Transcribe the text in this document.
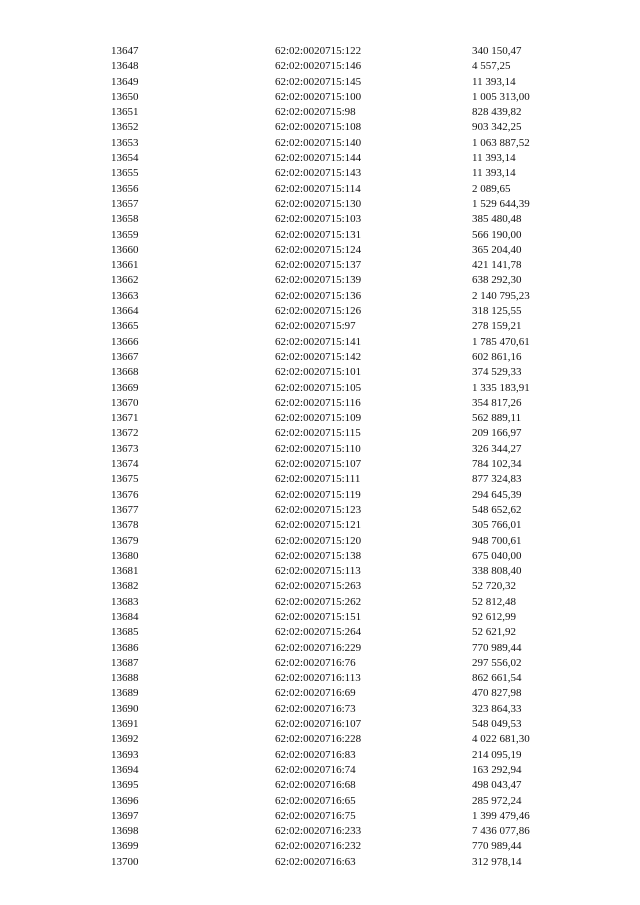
13647	62:02:0020715:122	340 150,47
13648	62:02:0020715:146	4 557,25
13649	62:02:0020715:145	11 393,14
13650	62:02:0020715:100	1 005 313,00
13651	62:02:0020715:98	828 439,82
13652	62:02:0020715:108	903 342,25
13653	62:02:0020715:140	1 063 887,52
13654	62:02:0020715:144	11 393,14
13655	62:02:0020715:143	11 393,14
13656	62:02:0020715:114	2 089,65
13657	62:02:0020715:130	1 529 644,39
13658	62:02:0020715:103	385 480,48
13659	62:02:0020715:131	566 190,00
13660	62:02:0020715:124	365 204,40
13661	62:02:0020715:137	421 141,78
13662	62:02:0020715:139	638 292,30
13663	62:02:0020715:136	2 140 795,23
13664	62:02:0020715:126	318 125,55
13665	62:02:0020715:97	278 159,21
13666	62:02:0020715:141	1 785 470,61
13667	62:02:0020715:142	602 861,16
13668	62:02:0020715:101	374 529,33
13669	62:02:0020715:105	1 335 183,91
13670	62:02:0020715:116	354 817,26
13671	62:02:0020715:109	562 889,11
13672	62:02:0020715:115	209 166,97
13673	62:02:0020715:110	326 344,27
13674	62:02:0020715:107	784 102,34
13675	62:02:0020715:111	877 324,83
13676	62:02:0020715:119	294 645,39
13677	62:02:0020715:123	548 652,62
13678	62:02:0020715:121	305 766,01
13679	62:02:0020715:120	948 700,61
13680	62:02:0020715:138	675 040,00
13681	62:02:0020715:113	338 808,40
13682	62:02:0020715:263	52 720,32
13683	62:02:0020715:262	52 812,48
13684	62:02:0020715:151	92 612,99
13685	62:02:0020715:264	52 621,92
13686	62:02:0020716:229	770 989,44
13687	62:02:0020716:76	297 556,02
13688	62:02:0020716:113	862 661,54
13689	62:02:0020716:69	470 827,98
13690	62:02:0020716:73	323 864,33
13691	62:02:0020716:107	548 049,53
13692	62:02:0020716:228	4 022 681,30
13693	62:02:0020716:83	214 095,19
13694	62:02:0020716:74	163 292,94
13695	62:02:0020716:68	498 043,47
13696	62:02:0020716:65	285 972,24
13697	62:02:0020716:75	1 399 479,46
13698	62:02:0020716:233	7 436 077,86
13699	62:02:0020716:232	770 989,44
13700	62:02:0020716:63	312 978,14
